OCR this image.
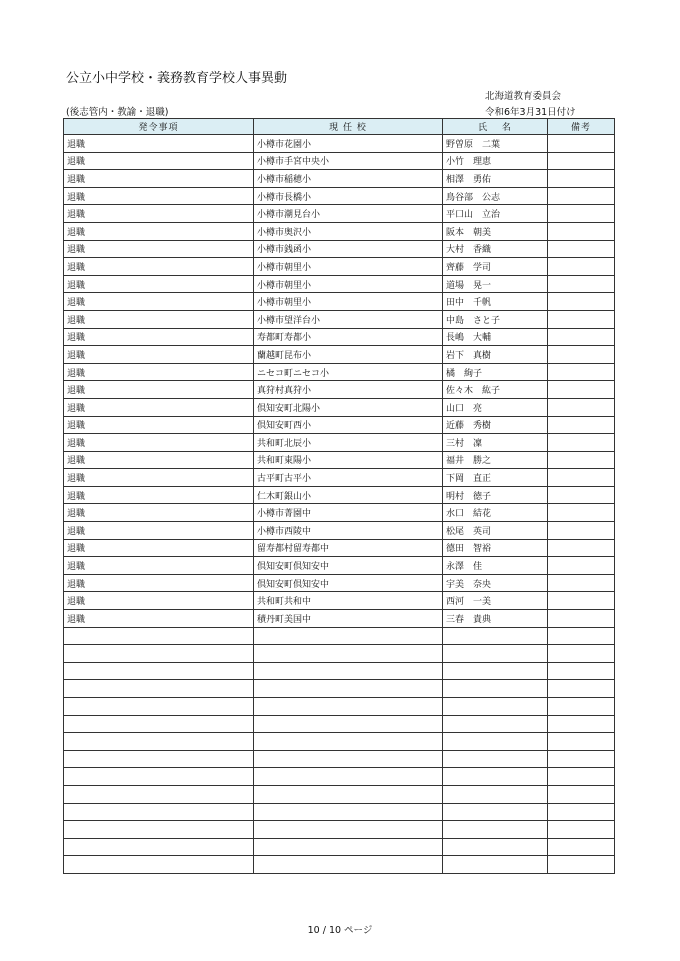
公立小中学校・義務教育学校人事異動
北海道教育委員会
(後志管内・教諭・退職)	令和6年3月31日付け
発令事項	現 任 校	氏　 名	備考
退職	小樽市花園小	野曽原　二葉	
退職	小樽市手宮中央小	小竹　理恵	
退職	小樽市稲穂小	相澤　勇佑	
退職	小樽市長橋小	鳥谷部　公志	
退職	小樽市潮見台小	平口山　立治	
退職	小樽市奥沢小	阪本　朝美	
退職	小樽市銭函小	大村　香織	
退職	小樽市朝里小	齊藤　学司	
退職	小樽市朝里小	道場　晃一	
退職	小樽市朝里小	田中　千帆	
退職	小樽市望洋台小	中島　さと子	
退職	寿都町寿都小	長嶋　大輔	
退職	蘭越町昆布小	岩下　真樹	
退職	ニセコ町ニセコ小	橘　絢子	
退職	真狩村真狩小	佐々木　紘子	
退職	倶知安町北陽小	山口　亮	
退職	倶知安町西小	近藤　秀樹	
退職	共和町北辰小	三村　凜	
退職	共和町東陽小	福井　勝之	
退職	古平町古平小	下岡　直正	
退職	仁木町銀山小	明村　徳子	
退職	小樽市菁園中	水口　結花	
退職	小樽市西陵中	松尾　英司	
退職	留寿都村留寿都中	德田　智裕	
退職	倶知安町倶知安中	永澤　佳	
退職	倶知安町倶知安中	宇美　奈央	
退職	共和町共和中	西河　一美	
退職	積丹町美国中	三春　貴典	

10 / 10 ページ
